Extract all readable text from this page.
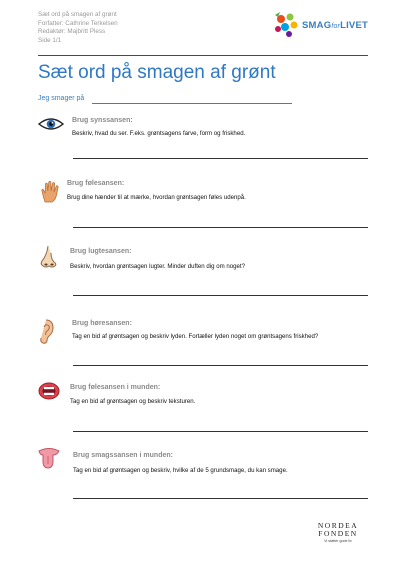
Sæt ord på smagen af grønt
Forfatter: Cathrine Terkelsen
Redaktør: Majbritt Pless
Side 1/1
SMAGforLIVET
Sæt ord på smagen af grønt
Jeg smager på
Brug synssansen:
Beskriv, hvad du ser. F.eks. grøntsagens farve, form og friskhed.
Brug følesansen:
Brug dine hænder til at mærke, hvordan grøntsagen føles udenpå.
Brug lugtesansen:
Beskriv, hvordan grøntsagen lugter. Minder duften dig om noget?
Brug høresansen:
Tag en bid af grøntsagen og beskriv lyden. Fortæller lyden noget om grøntsagens friskhed?
Brug følesansen i munden:
Tag en bid af grøntsagen og beskriv teksturen.
Brug smagssansen i munden:
Tag en bid af grøntsagen og beskriv, hvilke af de 5 grundsmage, du kan smage.
NORDEA
FONDEN
Vi støtter gode liv
